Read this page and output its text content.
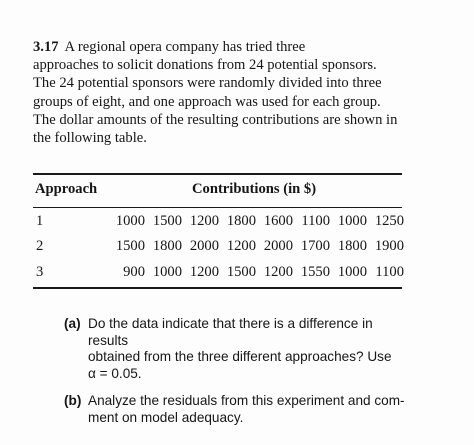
3.17 A regional opera company has tried three
approaches to solicit donations from 24 potential sponsors.
The 24 potential sponsors were randomly divided into three
groups of eight, and one approach was used for each group.
The dollar amounts of the resulting contributions are shown in
the following table.
Approach	Contributions (in $)
1	1000 1500 1200 1800 1600 1100 1000 1250
2	1500 1800 2000 1200 2000 1700 1800 1900
3	900 1000 1200 1500 1200 1550 1000 1100
(a) Do the data indicate that there is a difference in results
obtained from the three different approaches? Use
α = 0.05.
(b) Analyze the residuals from this experiment and com-
ment on model adequacy.
